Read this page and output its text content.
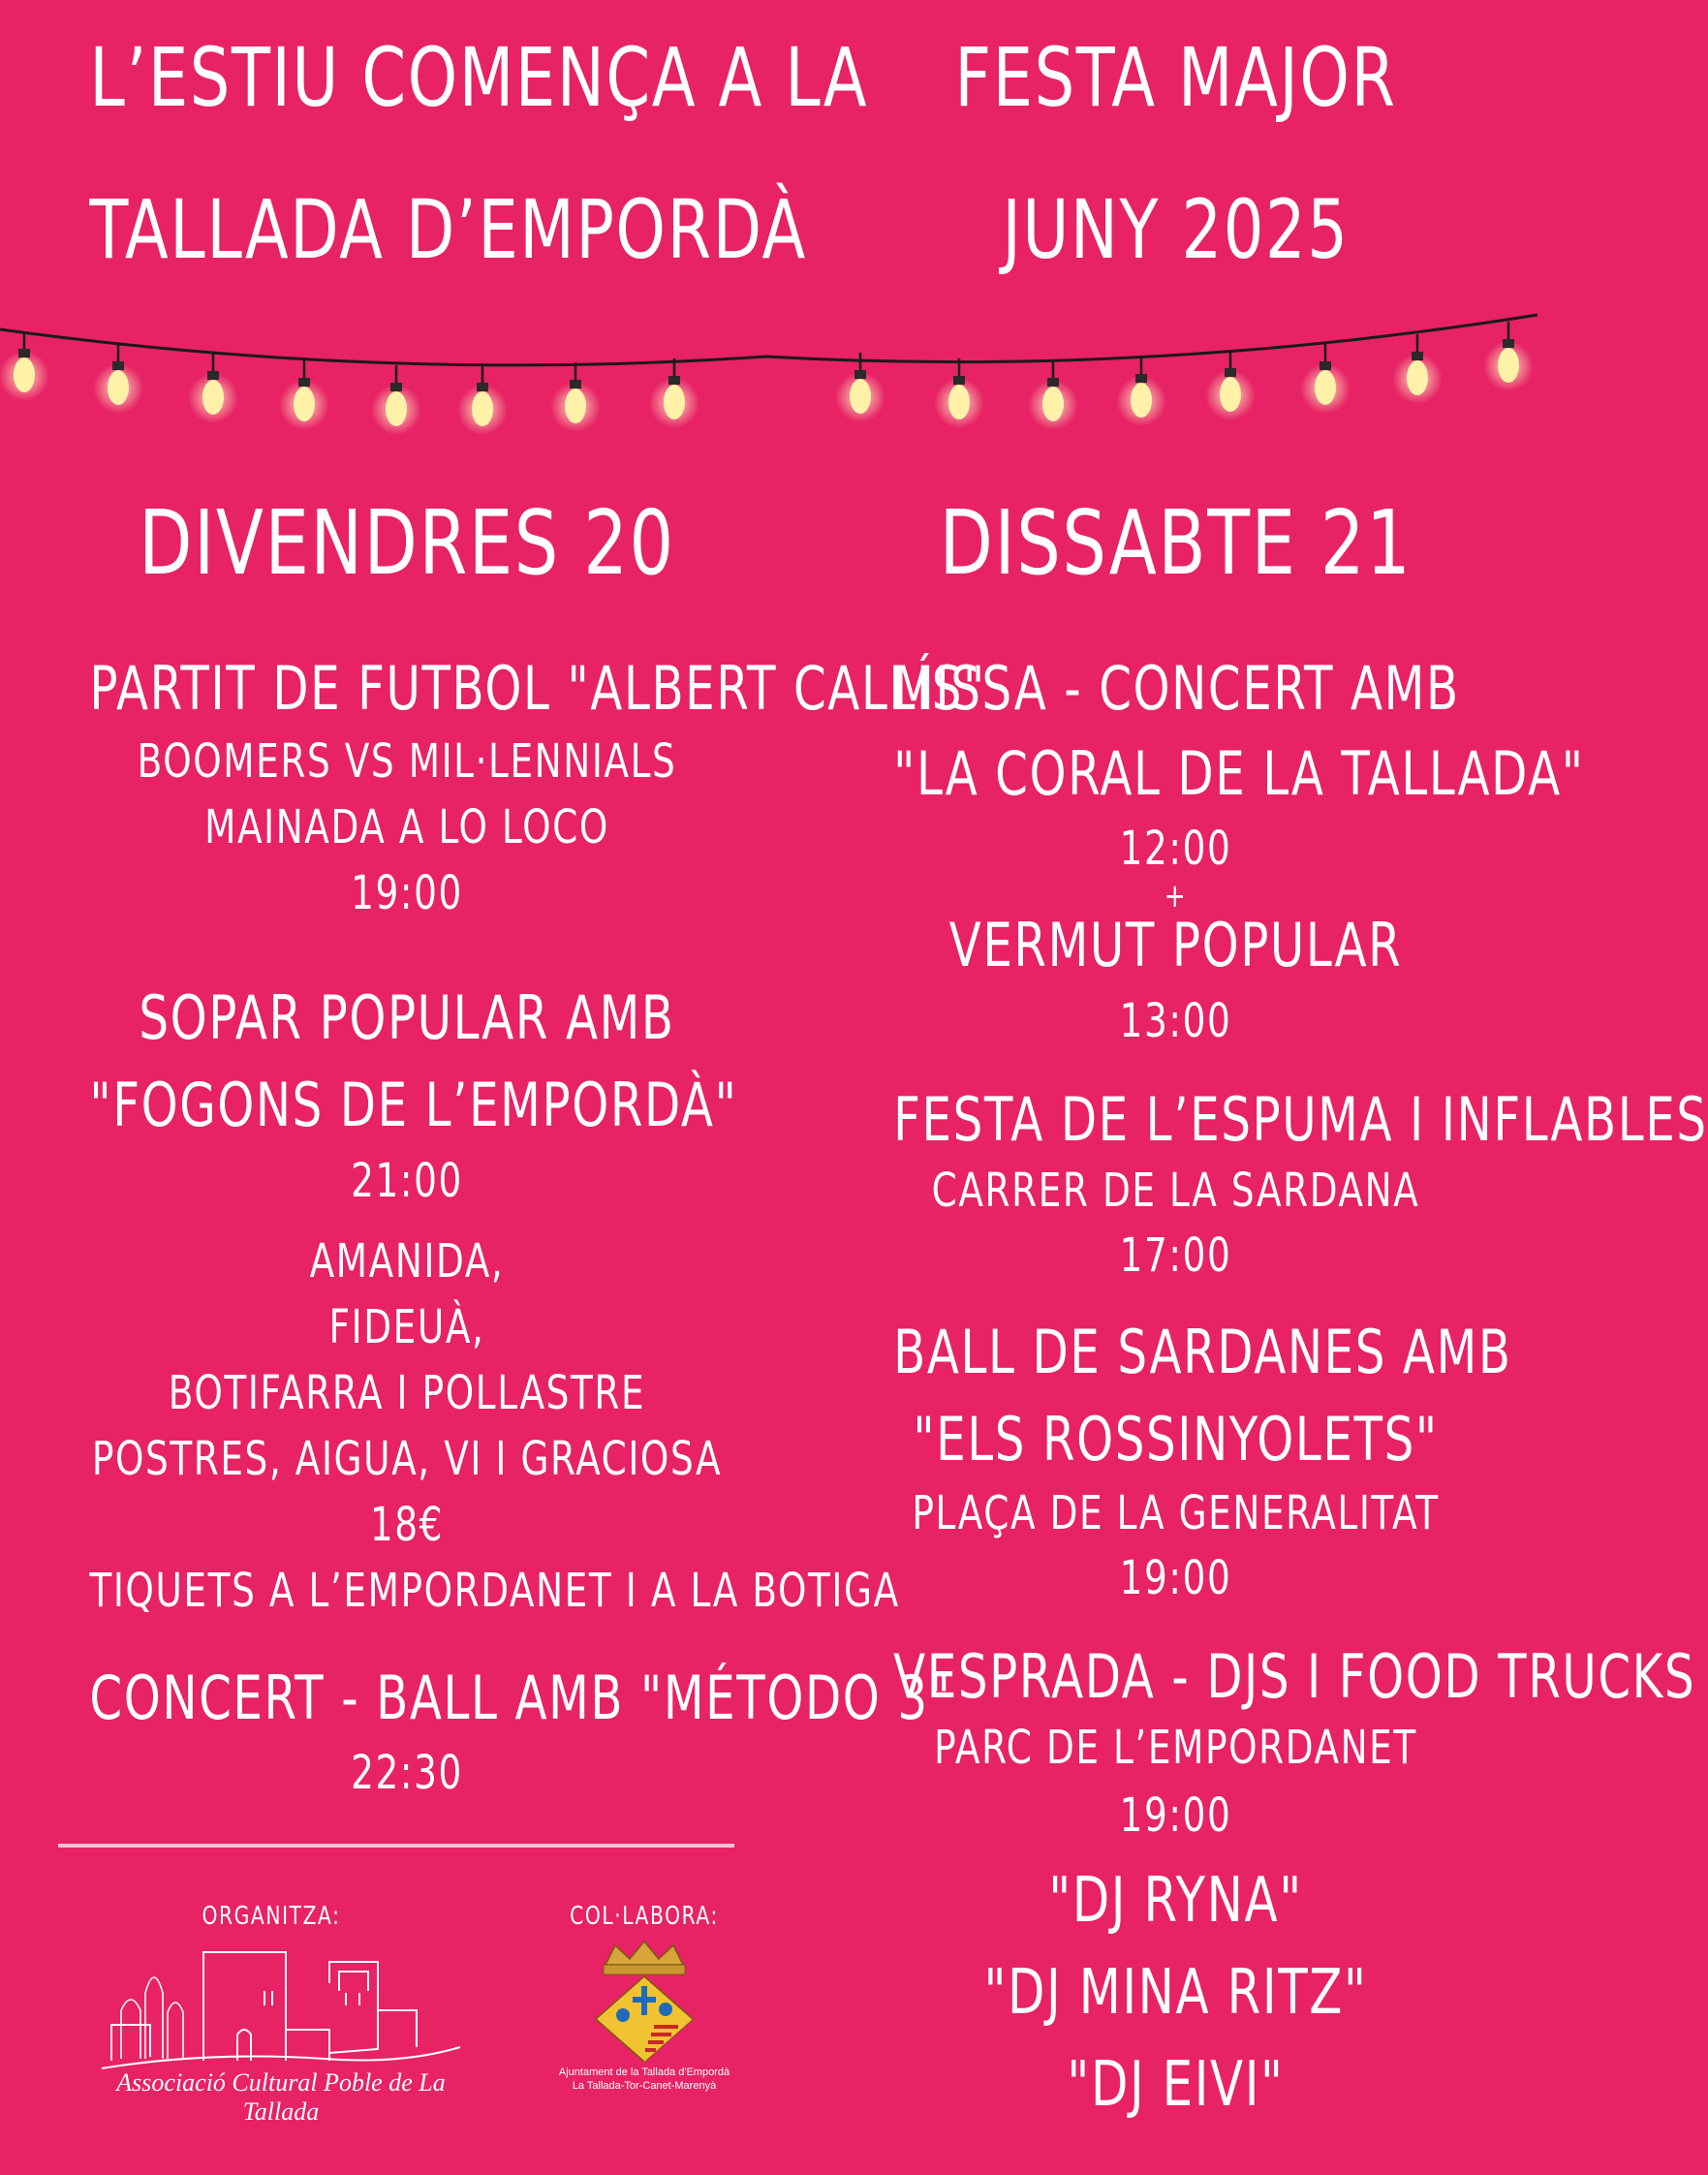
L’ESTIU COMENÇA A LA
TALLADA D’EMPORDÀ
FESTA MAJOR
JUNY 2025
DIVENDRES 20
PARTIT DE FUTBOL "ALBERT CALLÍS"
BOOMERS VS MIL·LENNIALS
MAINADA A LO LOCO
19:00
SOPAR POPULAR AMB
"FOGONS DE L’EMPORDÀ"
21:00
AMANIDA,
FIDEUÀ,
BOTIFARRA I POLLASTRE
POSTRES, AIGUA, VI I GRACIOSA
18€
TIQUETS A L’EMPORDANET I A LA BOTIGA
CONCERT - BALL AMB "MÉTODO 3"
22:30
DISSABTE 21
MISSA - CONCERT AMB
"LA CORAL DE LA TALLADA"
12:00
+
VERMUT POPULAR
13:00
FESTA DE L’ESPUMA I INFLABLES
CARRER DE LA SARDANA
17:00
BALL DE SARDANES AMB
"ELS ROSSINYOLETS"
PLAÇA DE LA GENERALITAT
19:00
VESPRADA - DJS I FOOD TRUCKS
PARC DE L’EMPORDANET
19:00
"DJ RYNA"
"DJ MINA RITZ"
"DJ EIVI"
ORGANITZA:	COL·LABORA:
Associació Cultural Poble de La Tallada
Ajuntament de la Tallada d'Empordà
La Tallada-Tor-Canet-Marenyà
